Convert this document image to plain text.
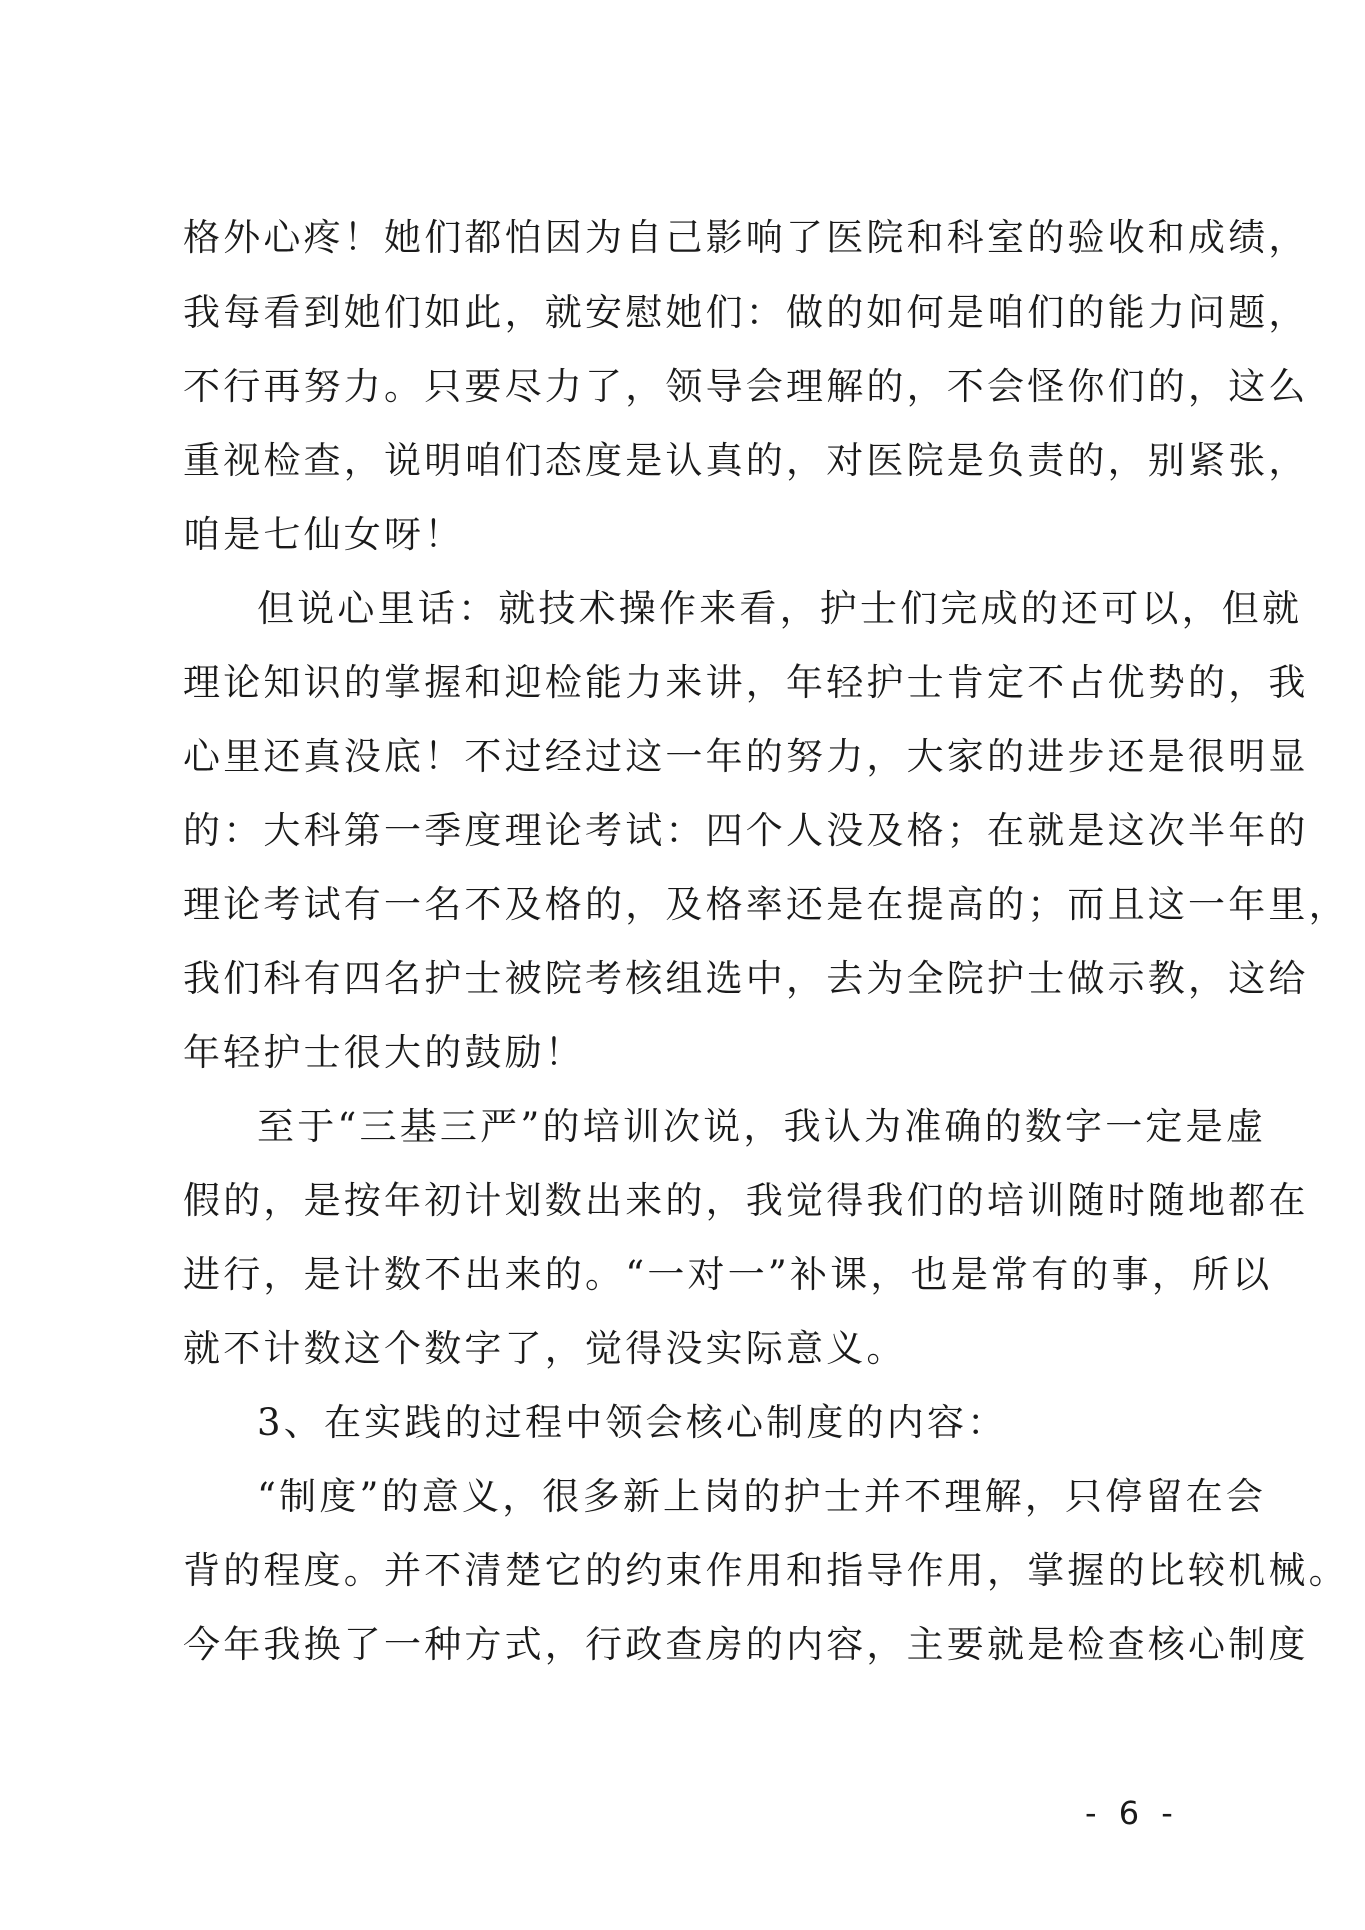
格外心疼！她们都怕因为自己影响了医院和科室的验收和成绩，
我每看到她们如此，就安慰她们：做的如何是咱们的能力问题，
不行再努力。只要尽力了，领导会理解的，不会怪你们的，这么
重视检查，说明咱们态度是认真的，对医院是负责的，别紧张，
咱是七仙女呀！
但说心里话：就技术操作来看，护士们完成的还可以，但就
理论知识的掌握和迎检能力来讲，年轻护士肯定不占优势的，我
心里还真没底！不过经过这一年的努力，大家的进步还是很明显
的：大科第一季度理论考试：四个人没及格；在就是这次半年的
理论考试有一名不及格的，及格率还是在提高的；而且这一年里，
我们科有四名护士被院考核组选中，去为全院护士做示教，这给
年轻护士很大的鼓励！
至于“三基三严”的培训次说，我认为准确的数字一定是虚
假的，是按年初计划数出来的，我觉得我们的培训随时随地都在
进行，是计数不出来的。“一对一”补课，也是常有的事，所以
就不计数这个数字了，觉得没实际意义。
3、在实践的过程中领会核心制度的内容：
“制度”的意义，很多新上岗的护士并不理解，只停留在会
背的程度。并不清楚它的约束作用和指导作用，掌握的比较机械。
今年我换了一种方式，行政查房的内容，主要就是检查核心制度
- 6 -
